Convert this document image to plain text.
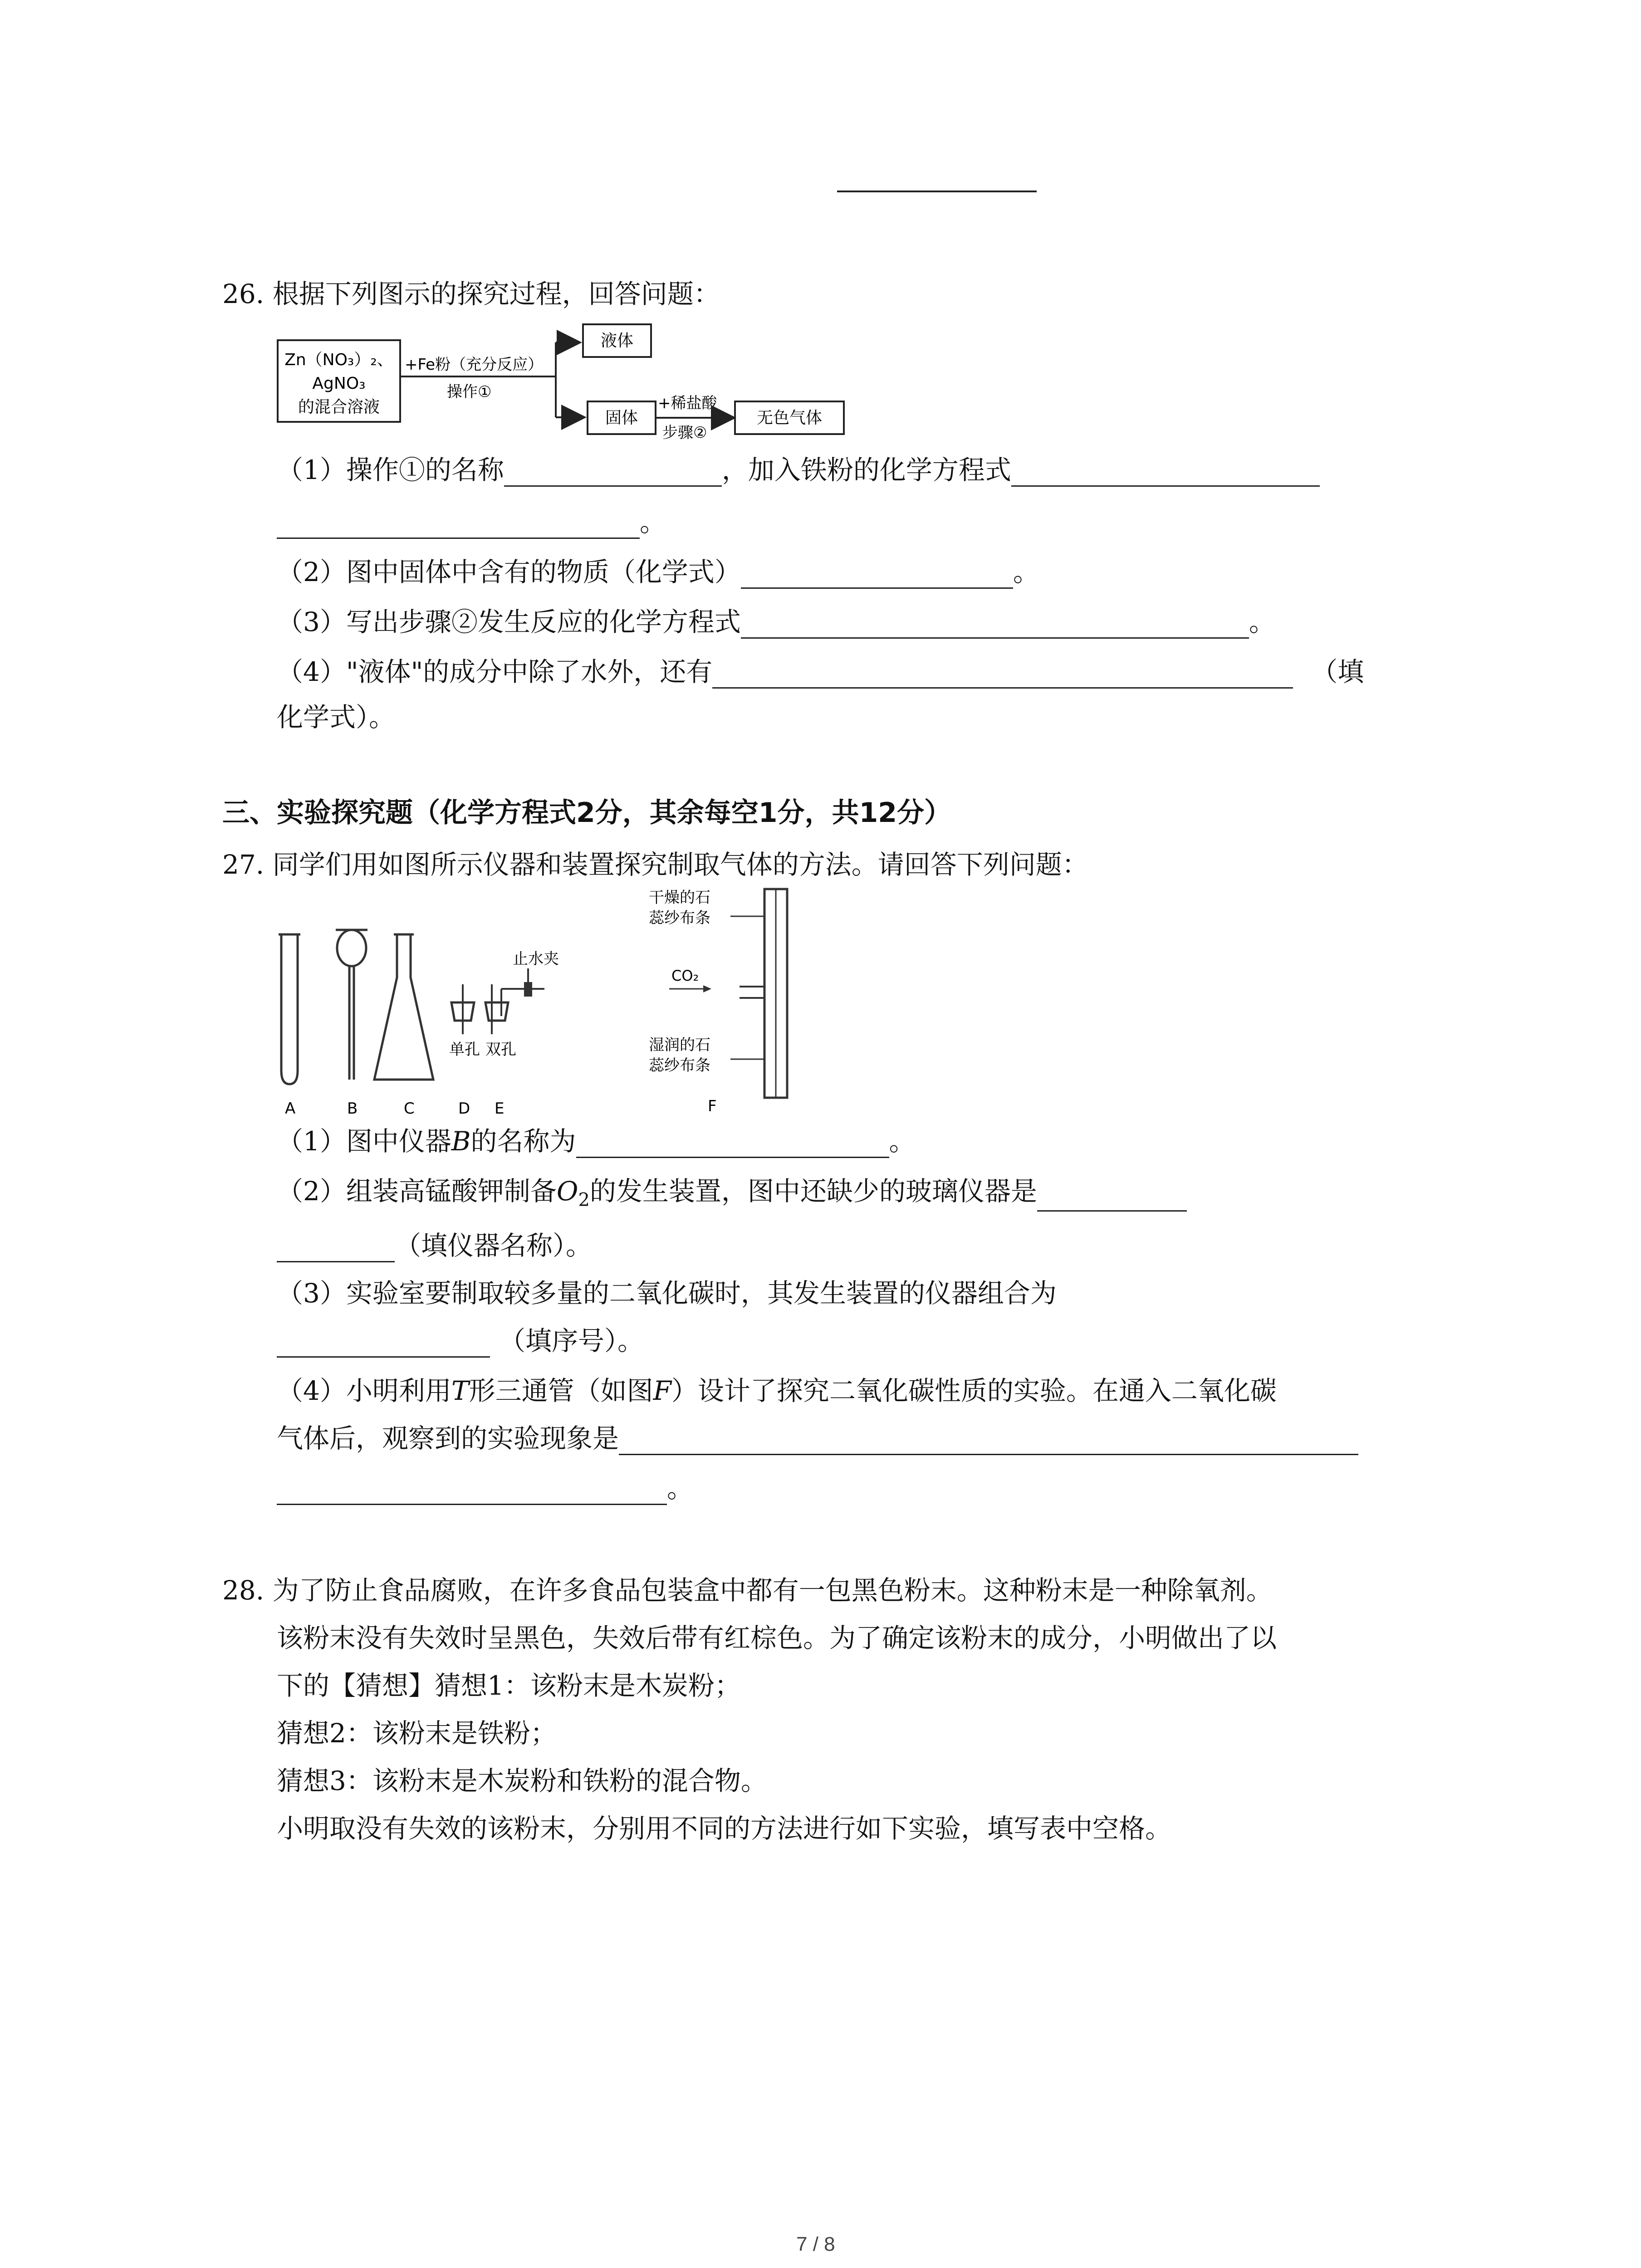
26. 根据下列图示的探究过程，回答问题：
Zn（NO₃）₂、
AgNO₃
的混合溶液
+Fe粉（充分反应）
操作①
液体
固体
+稀盐酸
步骤②
无色气体
（1）操作①的名称	，加入铁粉的化学方程式
。
（2）图中固体中含有的物质（化学式）	。
（3）写出步骤②发生反应的化学方程式	。
（4）"液体"的成分中除了水外，还有	（填
化学式）。
三、实验探究题（化学方程式2分，其余每空1分，共12分）
27. 同学们用如图所示仪器和装置探究制取气体的方法。请回答下列问题：
单孔 双孔
止水夹
干燥的石
蕊纱布条
CO₂
湿润的石
蕊纱布条
A	B	C	D E	F
（1）图中仪器B的名称为	。
（2）组装高锰酸钾制备$O_2$的发生装置，图中还缺少的玻璃仪器是
（填仪器名称）。
（3）实验室要制取较多量的二氧化碳时，其发生装置的仪器组合为
（填序号）。
（4）小明利用T形三通管（如图F）设计了探究二氧化碳性质的实验。在通入二氧化碳
气体后，观察到的实验现象是
。
28. 为了防止食品腐败，在许多食品包装盒中都有一包黑色粉末。这种粉末是一种除氧剂。
该粉末没有失效时呈黑色，失效后带有红棕色。为了确定该粉末的成分，小明做出了以
下的【猜想】猜想1：该粉末是木炭粉；
猜想2：该粉末是铁粉；
猜想3：该粉末是木炭粉和铁粉的混合物。
小明取没有失效的该粉末，分别用不同的方法进行如下实验，填写表中空格。
7 / 8
